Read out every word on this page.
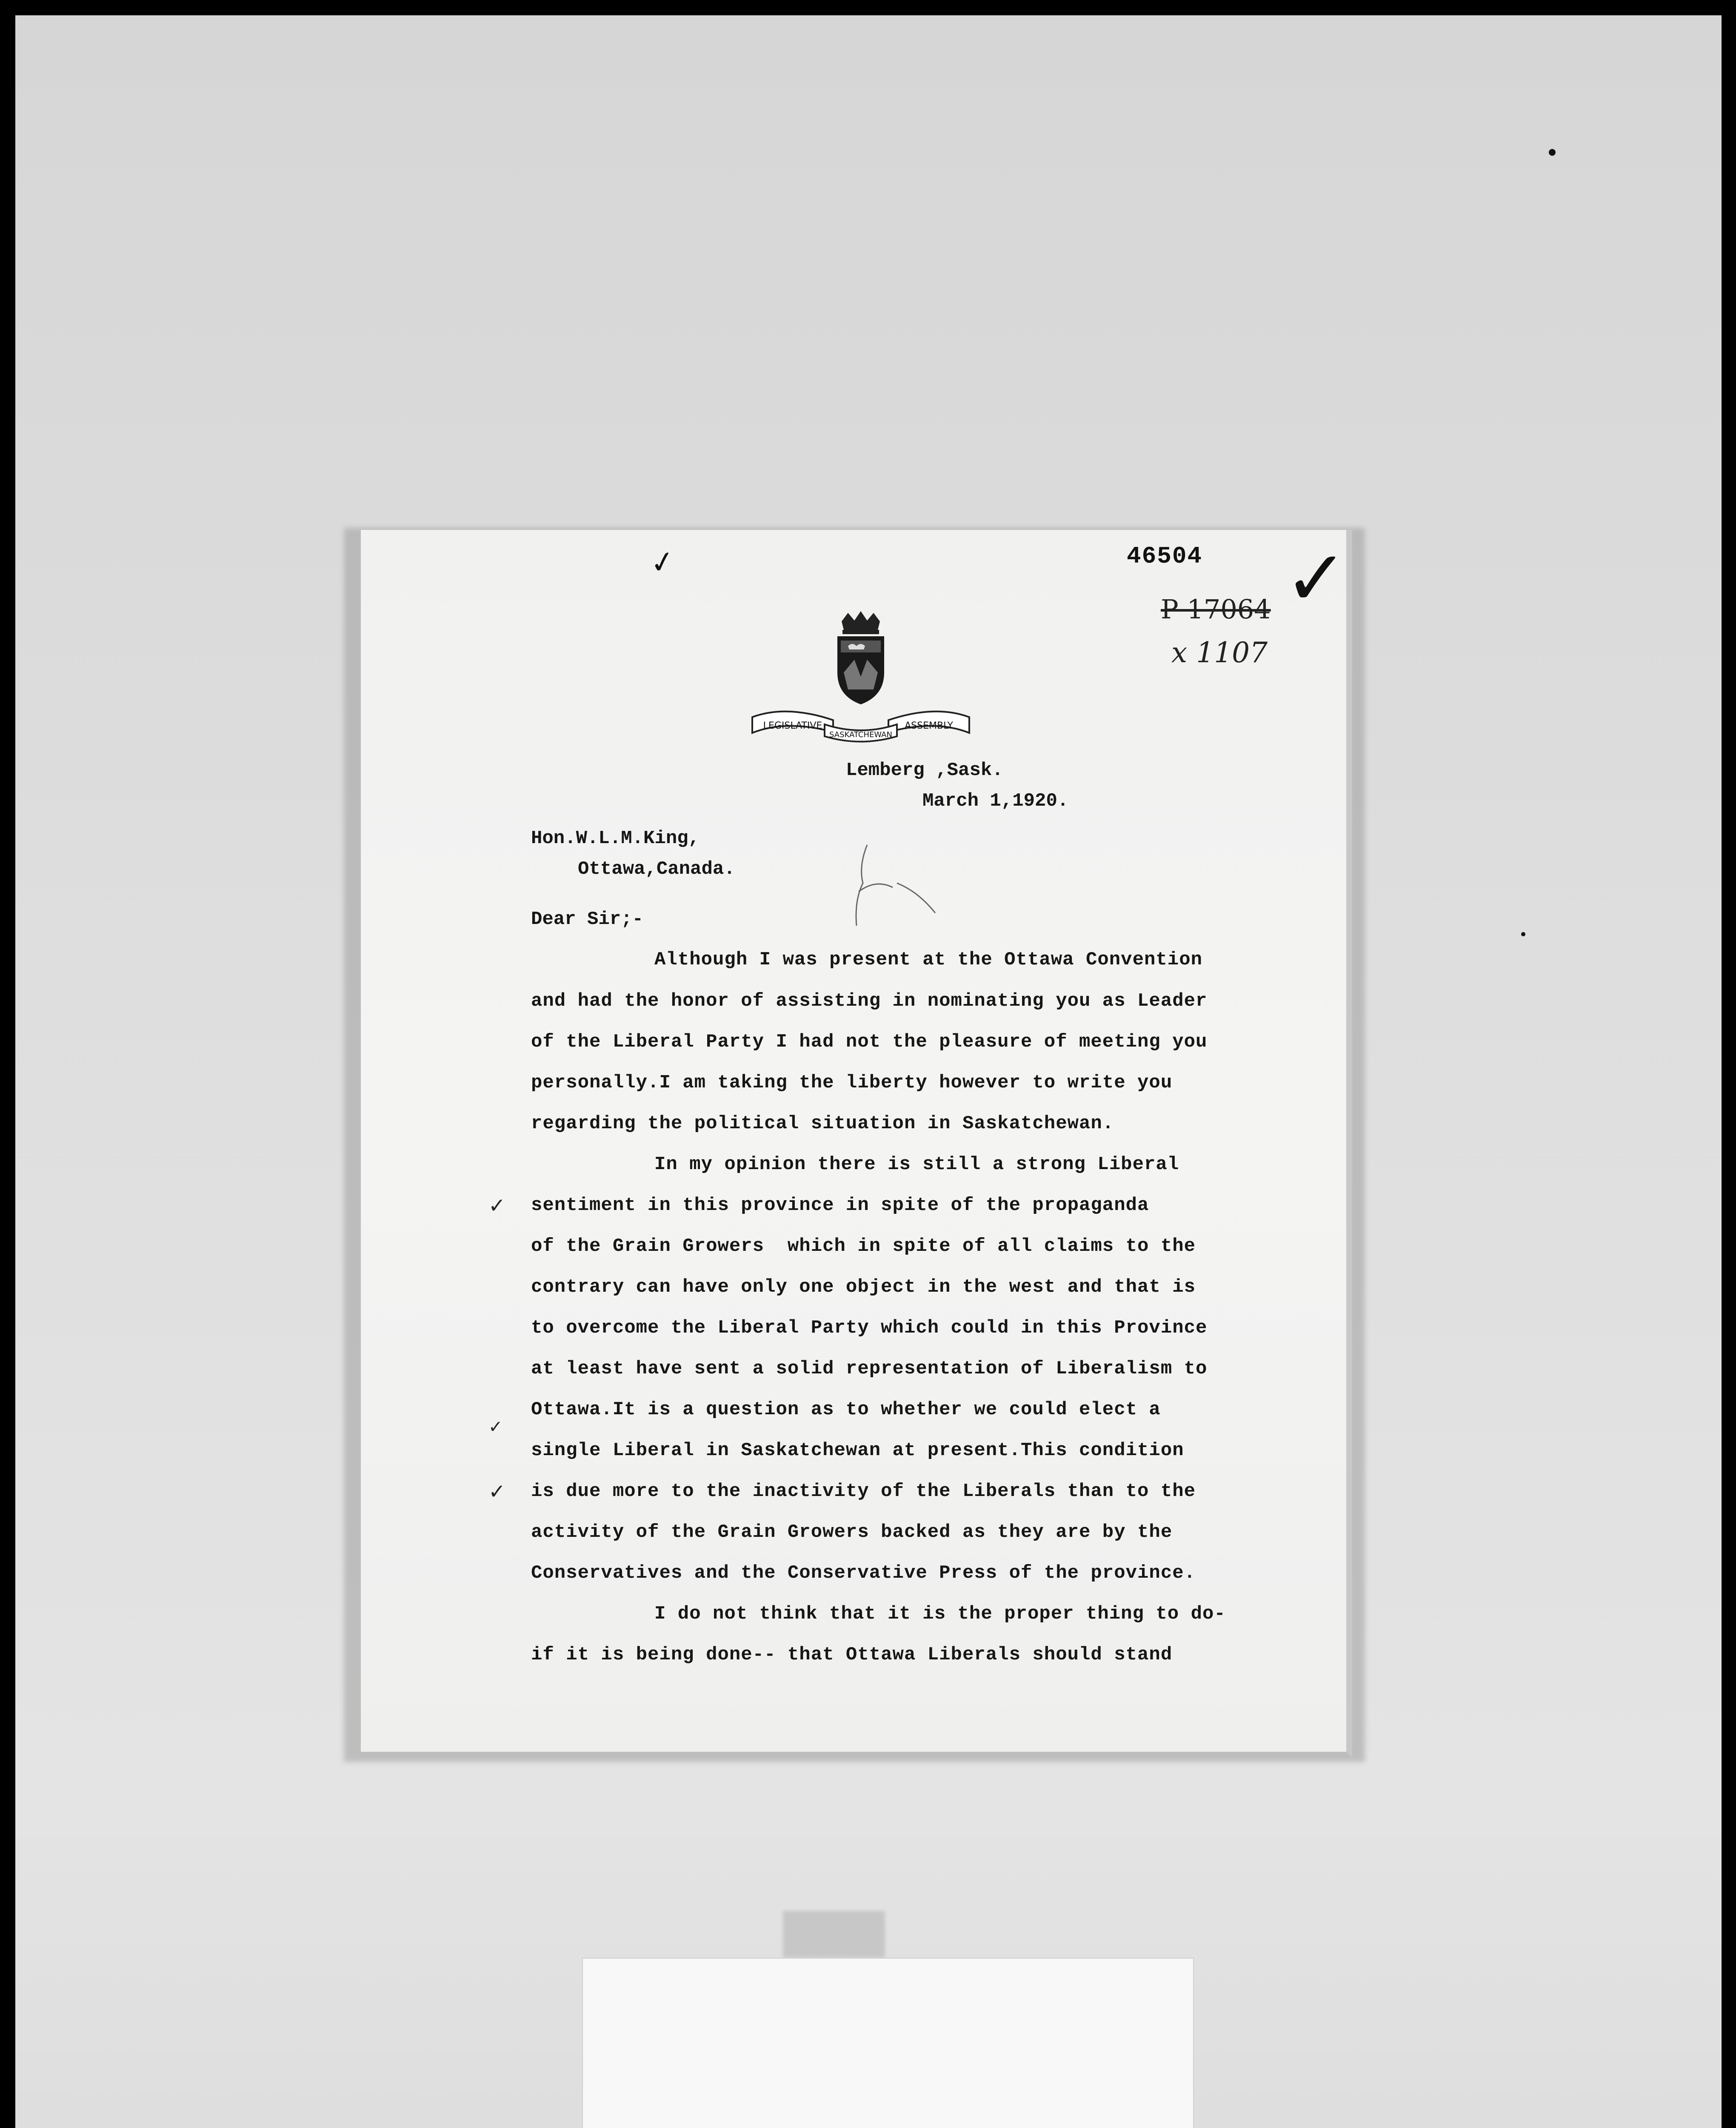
✓	46504 ✓
P 17064
x 1107
LEGISLATIVE	ASSEMBLY
SASKATCHEWAN
Lemberg ,Sask.
March 1,1920.
Hon.W.L.M.King,
Ottawa,Canada.
Dear Sir;-
Although I was present at the Ottawa Convention
and had the honor of assisting in nominating you as Leader
of the Liberal Party I had not the pleasure of meeting you
personally.I am taking the liberty however to write you
regarding the political situation in Saskatchewan.
In my opinion there is still a strong Liberal
✓ sentiment in this province in spite of the propaganda
of the Grain Growers  which in spite of all claims to the
contrary can have only one object in the west and that is
to overcome the Liberal Party which could in this Province
at least have sent a solid representation of Liberalism to
✓
Ottawa.It is a question as to whether we could elect a
single Liberal in Saskatchewan at present.This condition
✓ is due more to the inactivity of the Liberals than to the
activity of the Grain Growers backed as they are by the
Conservatives and the Conservative Press of the province.
I do not think that it is the proper thing to do-
if it is being done-- that Ottawa Liberals should stand
